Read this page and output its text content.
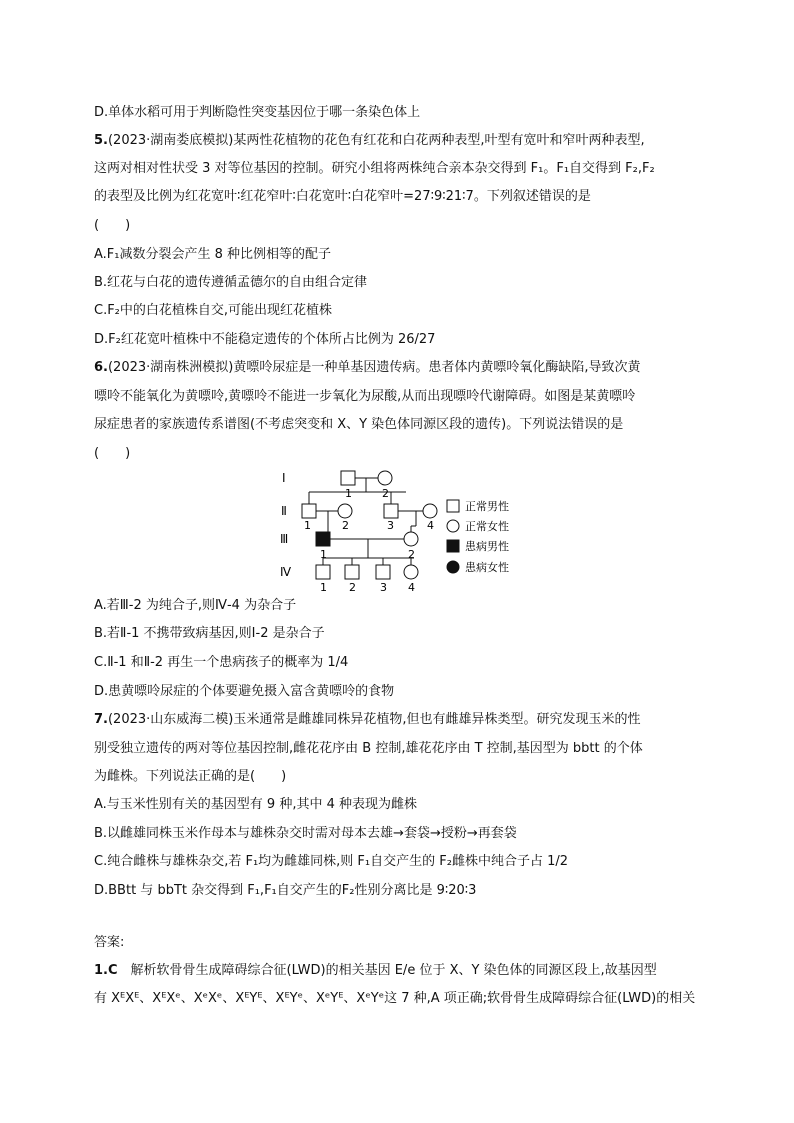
D.单体水稻可用于判断隐性突变基因位于哪一条染色体上
5.(2023·湖南娄底模拟)某两性花植物的花色有红花和白花两种表型,叶型有宽叶和窄叶两种表型,
这两对相对性状受 3 对等位基因的控制。研究小组将两株纯合亲本杂交得到 F₁。F₁自交得到 F₂,F₂
的表型及比例为红花宽叶∶红花窄叶∶白花宽叶∶白花窄叶=27∶9∶21∶7。下列叙述错误的是
(　　)
A.F₁减数分裂会产生 8 种比例相等的配子
B.红花与白花的遗传遵循孟德尔的自由组合定律
C.F₂中的白花植株自交,可能出现红花植株
D.F₂红花宽叶植株中不能稳定遗传的个体所占比例为 26/27
6.(2023·湖南株洲模拟)黄嘌呤尿症是一种单基因遗传病。患者体内黄嘌呤氧化酶缺陷,导致次黄
嘌呤不能氧化为黄嘌呤,黄嘌呤不能进一步氧化为尿酸,从而出现嘌呤代谢障碍。如图是某黄嘌呤
尿症患者的家族遗传系谱图(不考虑突变和 X、Y 染色体同源区段的遗传)。下列说法错误的是
(　　)
Ⅰ
Ⅱ
Ⅲ
Ⅳ
1	2
1	2	3	4
1	2
1 2 3 4
正常男性
正常女性
患病男性
患病女性
A.若Ⅲ-2 为纯合子,则Ⅳ-4 为杂合子
B.若Ⅱ-1 不携带致病基因,则Ⅰ-2 是杂合子
C.Ⅱ-1 和Ⅱ-2 再生一个患病孩子的概率为 1/4
D.患黄嘌呤尿症的个体要避免摄入富含黄嘌呤的食物
7.(2023·山东威海二模)玉米通常是雌雄同株异花植物,但也有雌雄异株类型。研究发现玉米的性
别受独立遗传的两对等位基因控制,雌花花序由 B 控制,雄花花序由 T 控制,基因型为 bbtt 的个体
为雌株。下列说法正确的是(　　)
A.与玉米性别有关的基因型有 9 种,其中 4 种表现为雌株
B.以雌雄同株玉米作母本与雄株杂交时需对母本去雄→套袋→授粉→再套袋
C.纯合雌株与雄株杂交,若 F₁均为雌雄同株,则 F₁自交产生的 F₂雌株中纯合子占 1/2
D.BBtt 与 bbTt 杂交得到 F₁,F₁自交产生的F₂性别分离比是 9∶20∶3
答案:
1.C　解析软骨骨生成障碍综合征(LWD)的相关基因 E/e 位于 X、Y 染色体的同源区段上,故基因型
有 XᴱXᴱ、XᴱXᵉ、XᵉXᵉ、XᴱYᴱ、XᴱYᵉ、XᵉYᴱ、XᵉYᵉ这 7 种,A 项正确;软骨骨生成障碍综合征(LWD)的相关
